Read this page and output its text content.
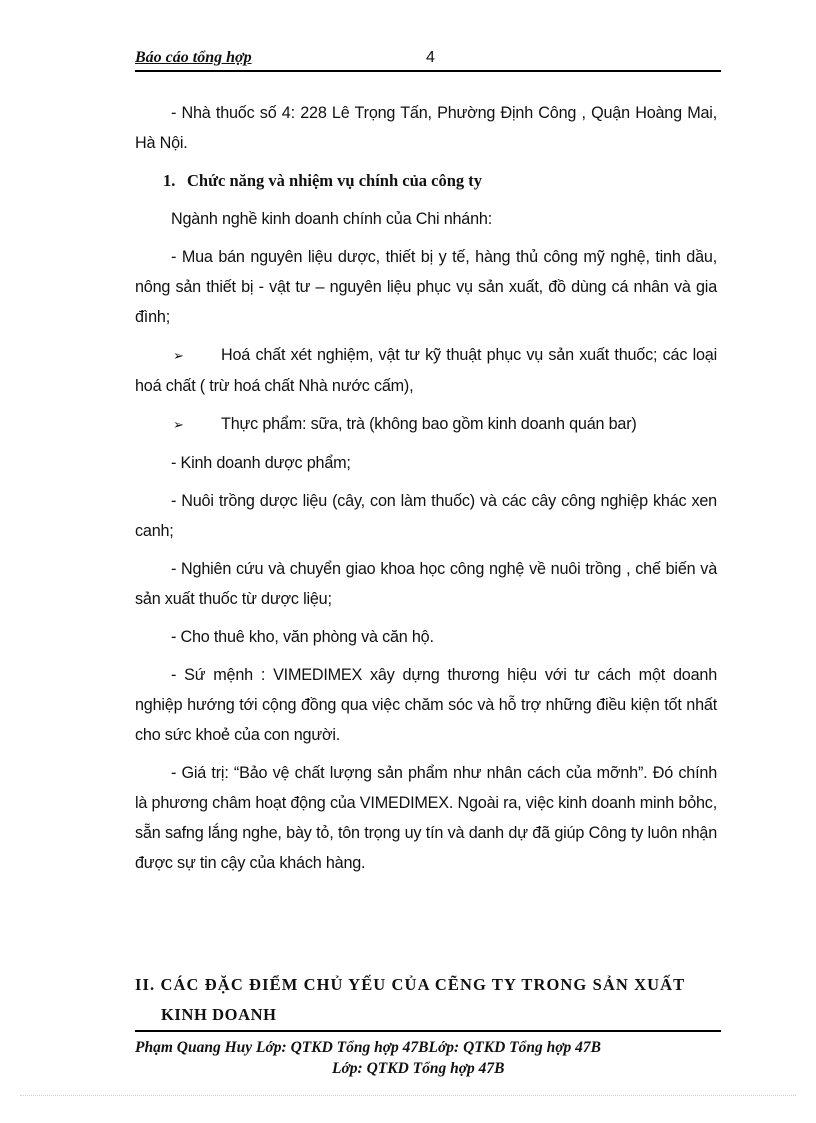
Báo cáo tổng hợp	4

- Nhà thuốc số 4: 228 Lê Trọng Tấn, Phường Định Công , Quận Hoàng Mai, Hà Nội.

1. Chức năng và nhiệm vụ chính của công ty

Ngành nghề kinh doanh chính của Chi nhánh:

- Mua bán nguyên liệu dược, thiết bị y tế, hàng thủ công mỹ nghệ, tinh dầu, nông sản thiết bị - vật tư – nguyên liệu phục vụ sản xuất, đồ dùng cá nhân và gia đình;

➢ Hoá chất xét nghiệm, vật tư kỹ thuật phục vụ sản xuất thuốc; các loại hoá chất ( trừ hoá chất Nhà nước cấm),

➢ Thực phẩm: sữa, trà (không bao gồm kinh doanh quán bar)

- Kinh doanh dược phẩm;

- Nuôi trồng dược liệu (cây, con làm thuốc) và các cây công nghiệp khác xen canh;

- Nghiên cứu và chuyển giao khoa học công nghệ về nuôi trồng , chế biến và sản xuất thuốc từ dược liệu;

- Cho thuê kho, văn phòng và căn hộ.

- Sứ mệnh : VIMEDIMEX xây dựng thương hiệu với tư cách một doanh nghiệp hướng tới cộng đồng qua việc chăm sóc và hỗ trợ những điều kiện tốt nhất cho sức khoẻ của con người.

- Giá trị: “Bảo vệ chất lượng sản phẩm như nhân cách của mỡnh”. Đó chính là phương châm hoạt động của VIMEDIMEX. Ngoài ra, việc kinh doanh minh bỏhc, sẵn safng lắng nghe, bày tỏ, tôn trọng uy tín và danh dự đã giúp Công ty luôn nhận được sự tin cậy của khách hàng.

II. CÁC ĐẶC ĐIỂM CHỦ YẾU CỦA CẼNG TY TRONG SẢN XUẤT
KINH DOANH
Phạm Quang Huy Lớp: QTKD Tổng hợp 47BLớp: QTKD Tổng hợp 47B
Lớp: QTKD Tổng hợp 47B
